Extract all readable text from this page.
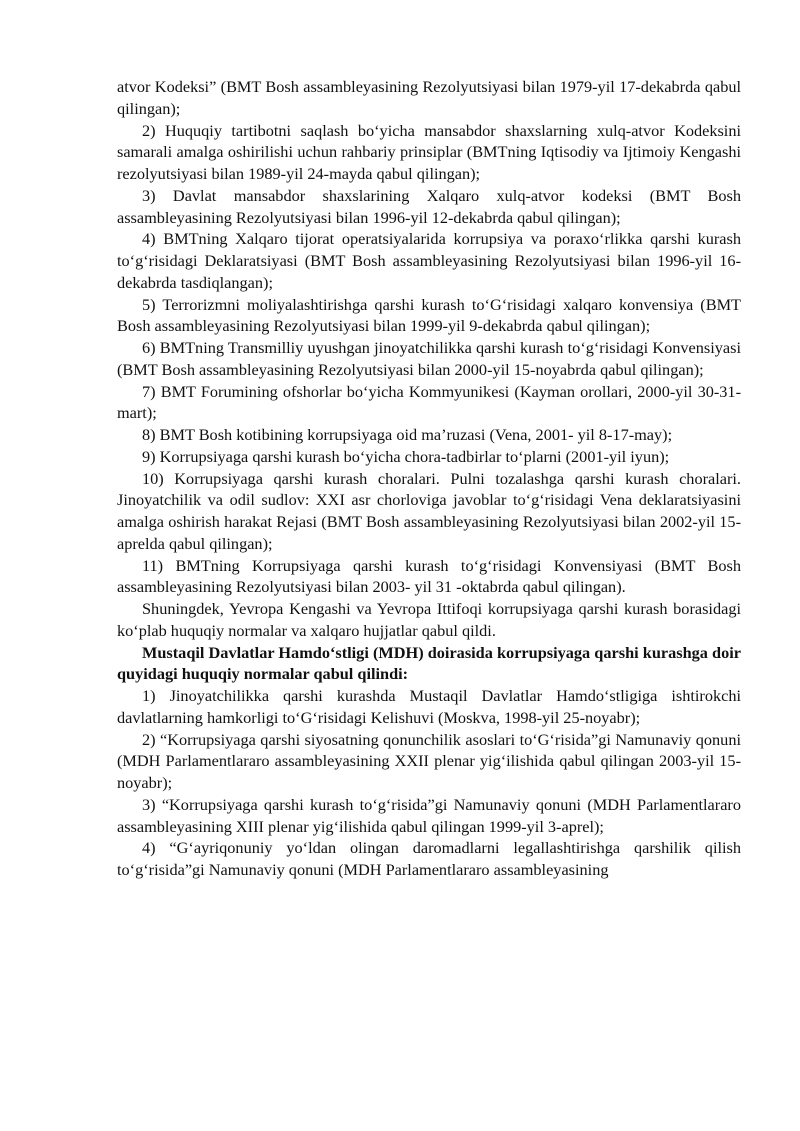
atvor Kodeksi” (BMT Bosh assambleyasining Rezolyutsiyasi bilan 1979-yil 17-dekabrda qabul qilingan);

2) Huquqiy tartibotni saqlash bo‘yicha mansabdor shaxslarning xulq-atvor Kodeksini samarali amalga oshirilishi uchun rahbariy prinsiplar (BMTning Iqtisodiy va Ijtimoiy Kengashi rezolyutsiyasi bilan 1989-yil 24-mayda qabul qilingan);

3) Davlat mansabdor shaxslarining Xalqaro xulq-atvor kodeksi (BMT Bosh assambleyasining Rezolyutsiyasi bilan 1996-yil 12-dekabrda qabul qilingan);

4) BMTning Xalqaro tijorat operatsiyalarida korrupsiya va poraxo‘rlikka qarshi kurash to‘g‘risidagi Deklaratsiyasi (BMT Bosh assambleyasining Rezolyutsiyasi bilan 1996-yil 16-dekabrda tasdiqlangan);

5) Terrorizmni moliyalashtirishga qarshi kurash to‘G‘risidagi xalqaro konvensiya (BMT Bosh assambleyasining Rezolyutsiyasi bilan 1999-yil 9-dekabrda qabul qilingan);

6) BMTning Transmilliy uyushgan jinoyatchilikka qarshi kurash to‘g‘risidagi Konvensiyasi (BMT Bosh assambleyasining Rezolyutsiyasi bilan 2000-yil 15-noyabrda qabul qilingan);

7) BMT Forumining ofshorlar bo‘yicha Kommyunikesi (Kayman orollari, 2000-yil 30-31-mart);

8) BMT Bosh kotibining korrupsiyaga oid ma’ruzasi (Vena, 2001- yil 8-17-may);

9) Korrupsiyaga qarshi kurash bo‘yicha chora-tadbirlar to‘plarni (2001-yil iyun);

10) Korrupsiyaga qarshi kurash choralari. Pulni tozalashga qarshi kurash choralari. Jinoyatchilik va odil sudlov: XXI asr chorloviga javoblar to‘g‘risidagi Vena deklaratsiyasini amalga oshirish harakat Rejasi (BMT Bosh assambleyasining Rezolyutsiyasi bilan 2002-yil 15- aprelda qabul qilingan);

11) BMTning Korrupsiyaga qarshi kurash to‘g‘risidagi Konvensiyasi (BMT Bosh assambleyasining Rezolyutsiyasi bilan 2003- yil 31 -oktabrda qabul qilingan).

Shuningdek, Yevropa Kengashi va Yevropa Ittifoqi korrupsiyaga qarshi kurash borasidagi ko‘plab huquqiy normalar va xalqaro hujjatlar qabul qildi.

Mustaqil Davlatlar Hamdo‘stligi (MDH) doirasida korrupsiyaga qarshi kurashga doir quyidagi huquqiy normalar qabul qilindi:

1) Jinoyatchilikka qarshi kurashda Mustaqil Davlatlar Hamdo‘stligiga ishtirokchi davlatlarning hamkorligi to‘G‘risidagi Kelishuvi (Moskva, 1998-yil 25-noyabr);

2) “Korrupsiyaga qarshi siyosatning qonunchilik asoslari to‘G‘risida”gi Namunaviy qonuni (MDH Parlamentlararo assambleyasining XXII plenar yig‘ilishida qabul qilingan 2003-yil 15- noyabr);

3) “Korrupsiyaga qarshi kurash to‘g‘risida”gi Namunaviy qonuni (MDH Parlamentlararo assambleyasining XIII plenar yig‘ilishida qabul qilingan 1999-yil 3-aprel);

4) “G‘ayriqonuniy yo‘ldan olingan daromadlarni legallashtirishga qarshilik qilish to‘g‘risida”gi Namunaviy qonuni (MDH Parlamentlararo assambleyasining
